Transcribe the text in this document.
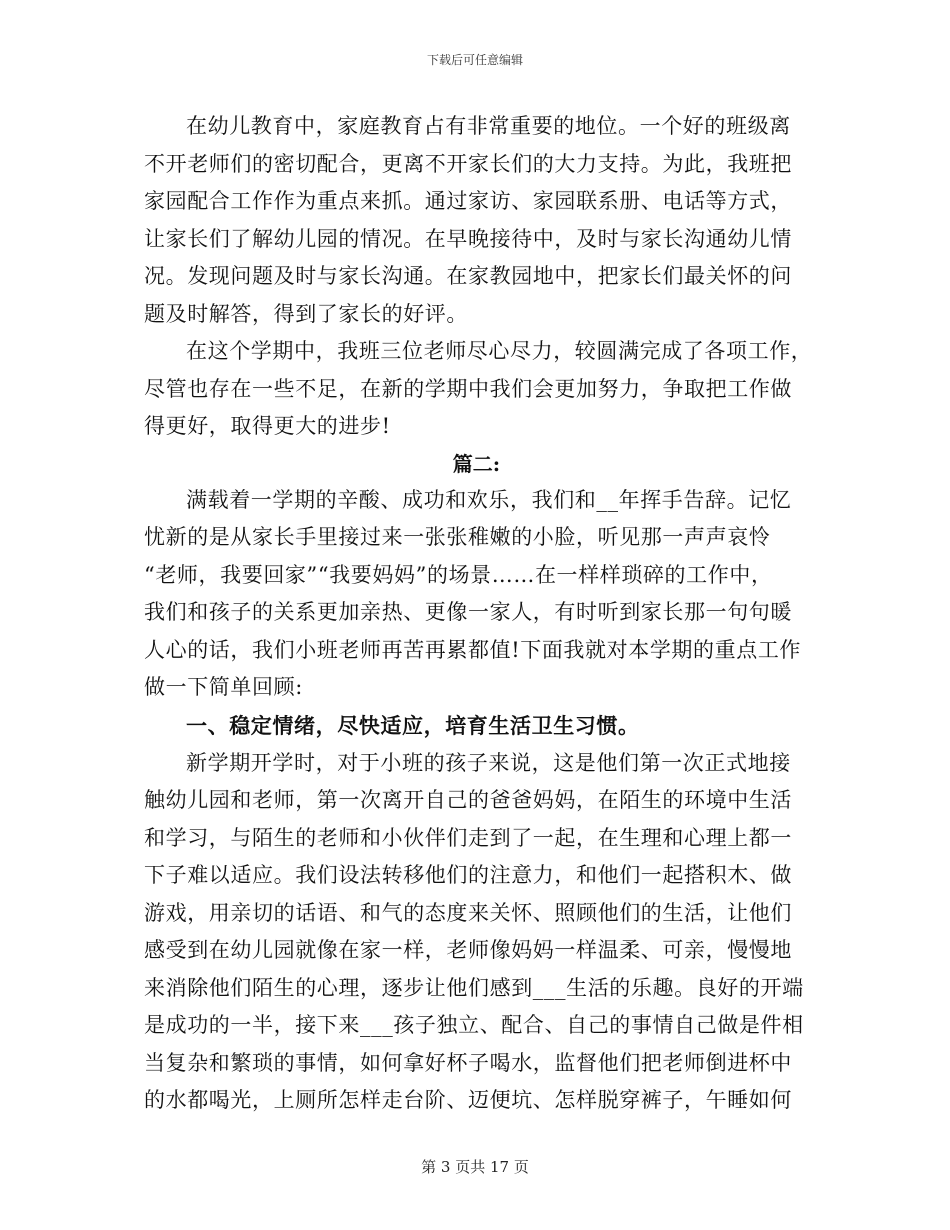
下载后可任意编辑

在幼儿教育中，家庭教育占有非常重要的地位。一个好的班级离
不开老师们的密切配合，更离不开家长们的大力支持。为此，我班把
家园配合工作作为重点来抓。通过家访、家园联系册、电话等方式，
让家长们了解幼儿园的情况。在早晚接待中，及时与家长沟通幼儿情
况。发现问题及时与家长沟通。在家教园地中，把家长们最关怀的问
题及时解答，得到了家长的好评。

在这个学期中，我班三位老师尽心尽力，较圆满完成了各项工作，
尽管也存在一些不足，在新的学期中我们会更加努力，争取把工作做
得更好，取得更大的进步!

篇二:

满载着一学期的辛酸、成功和欢乐，我们和__年挥手告辞。记忆
忧新的是从家长手里接过来一张张稚嫩的小脸，听见那一声声哀怜
“老师，我要回家”“我要妈妈”的场景……在一样样琐碎的工作中，
我们和孩子的关系更加亲热、更像一家人，有时听到家长那一句句暖
人心的话，我们小班老师再苦再累都值!下面我就对本学期的重点工作
做一下简单回顾:

一、稳定情绪，尽快适应，培育生活卫生习惯。

新学期开学时，对于小班的孩子来说，这是他们第一次正式地接
触幼儿园和老师，第一次离开自己的爸爸妈妈，在陌生的环境中生活
和学习，与陌生的老师和小伙伴们走到了一起，在生理和心理上都一
下子难以适应。我们设法转移他们的注意力，和他们一起搭积木、做
游戏，用亲切的话语、和气的态度来关怀、照顾他们的生活，让他们
感受到在幼儿园就像在家一样，老师像妈妈一样温柔、可亲，慢慢地
来消除他们陌生的心理，逐步让他们感到___生活的乐趣。良好的开端
是成功的一半，接下来___孩子独立、配合、自己的事情自己做是件相
当复杂和繁琐的事情，如何拿好杯子喝水，监督他们把老师倒进杯中
的水都喝光，上厕所怎样走台阶、迈便坑、怎样脱穿裤子，午睡如何

第 3 页共 17 页
